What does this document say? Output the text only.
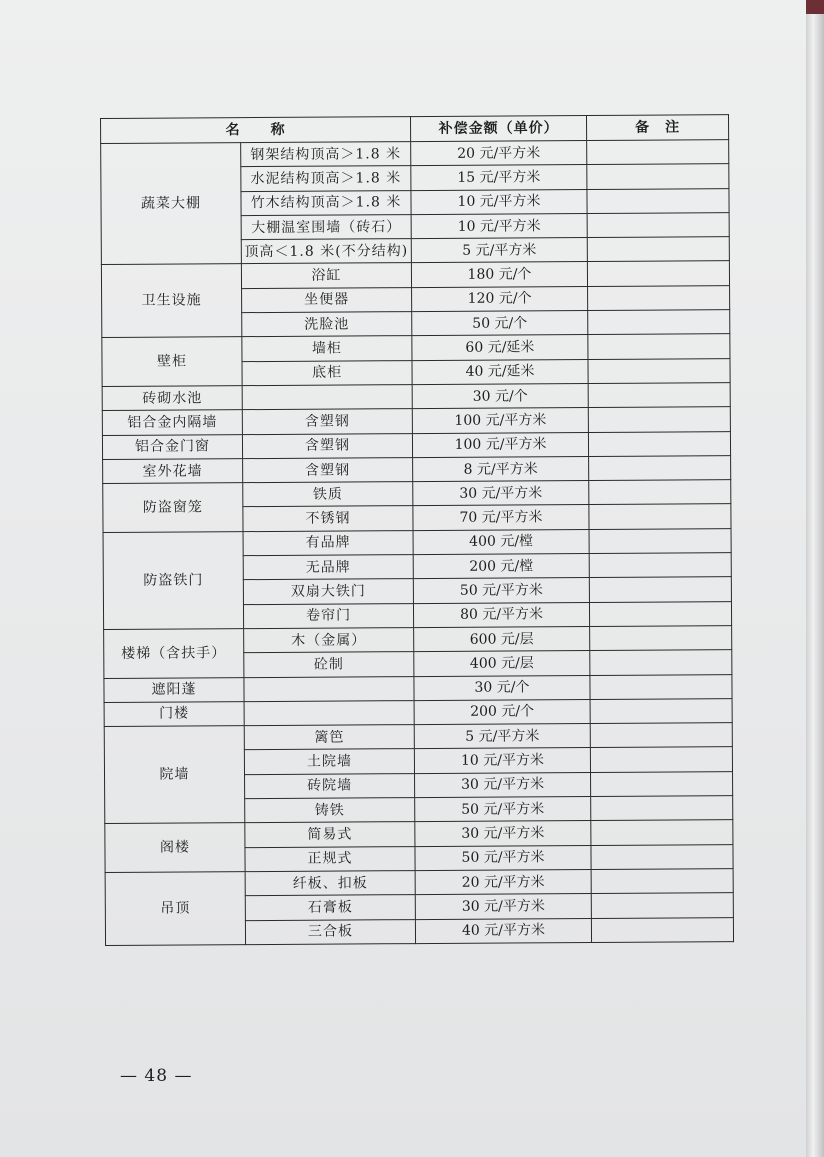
名　　称		补偿金额（单价）	备　注
蔬菜大棚	钢架结构顶高＞1.8 米	20 元/平方米	
	水泥结构顶高＞1.8 米	15 元/平方米	
	竹木结构顶高＞1.8 米	10 元/平方米	
	大棚温室围墙（砖石）	10 元/平方米	
	顶高＜1.8 米(不分结构)	5 元/平方米	
卫生设施	浴缸	180 元/个	
	坐便器	120 元/个	
	洗脸池	50 元/个	
壁柜	墙柜	60 元/延米	
	底柜	40 元/延米	
砖砌水池		30 元/个	
铝合金内隔墙	含塑钢	100 元/平方米	
铝合金门窗	含塑钢	100 元/平方米	
室外花墙	含塑钢	8 元/平方米	
防盗窗笼	铁质	30 元/平方米	
	不锈钢	70 元/平方米	
防盗铁门	有品牌	400 元/樘	
	无品牌	200 元/樘	
	双扇大铁门	50 元/平方米	
	卷帘门	80 元/平方米	
楼梯（含扶手）	木（金属）	600 元/层	
	砼制	400 元/层	
遮阳蓬		30 元/个	
门楼		200 元/个	
院墙	篱笆	5 元/平方米	
	土院墙	10 元/平方米	
	砖院墙	30 元/平方米	
	铸铁	50 元/平方米	
阁楼	简易式	30 元/平方米	
	正规式	50 元/平方米	
吊顶	纤板、扣板	20 元/平方米	
	石膏板	30 元/平方米	
	三合板	40 元/平方米	
— 48 —
